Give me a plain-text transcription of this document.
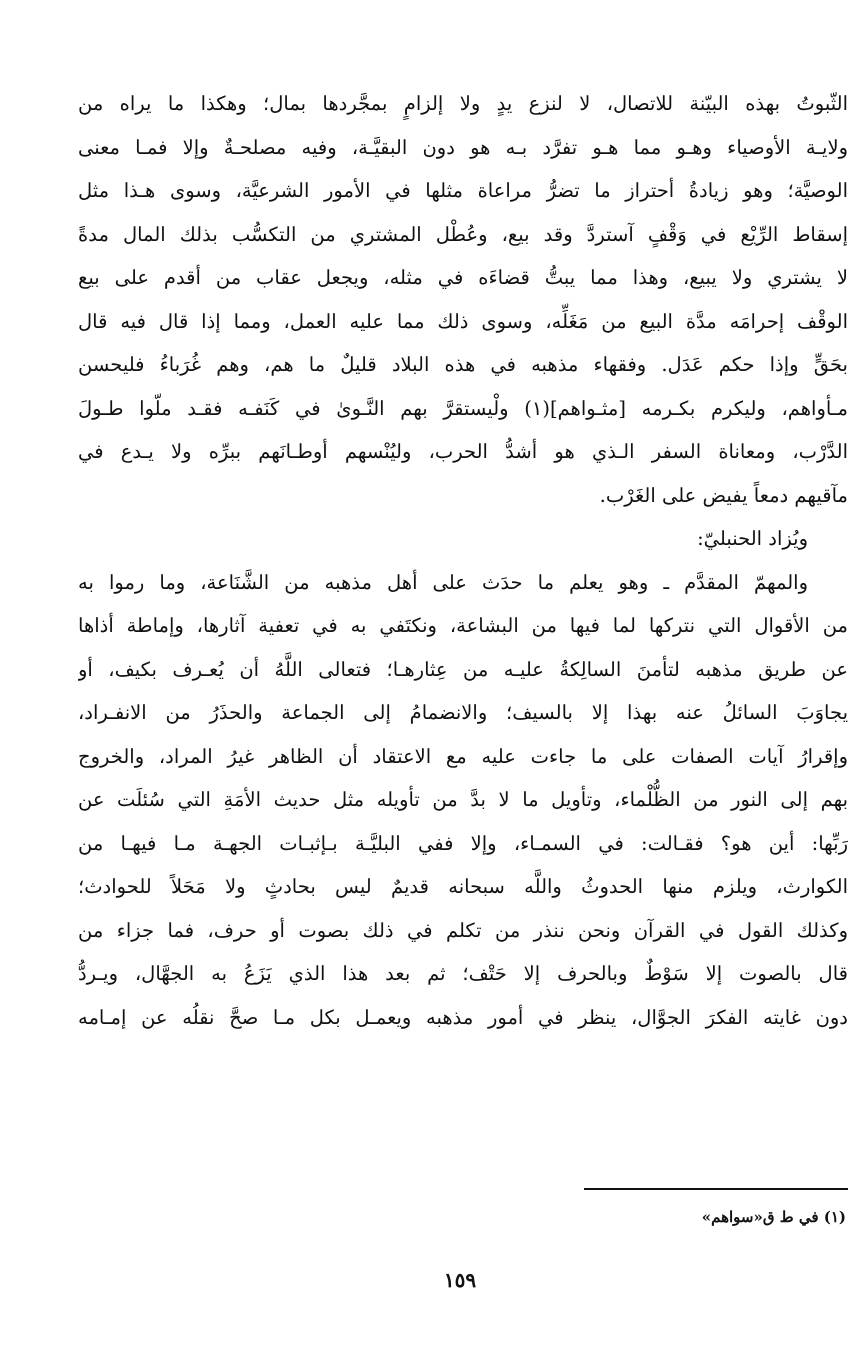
الثّبوتُ بهذه البيّنة للاتصال، لا لنزع يدٍ ولا إلزامٍ بمجَّردها بمال؛ وهكذا ما يراه من
ولايـة الأوصياء وهـو مما هـو تفرَّد بـه هو دون البقيَّـة، وفيه مصلحـةٌ وإلا فمـا معنى
الوصيَّة؛ وهو زيادةُ أحتراز ما تضرُّ مراعاة مثلها في الأمور الشرعيَّة، وسوى هـذا مثل
إسقاط الرِّيْع في وَقْفٍ آستردَّ وقد بيع، وعُطْل المشتري من التكسُّب بذلك المال مدةً
لا يشتري ولا يبيع، وهذا مما يبتُّ قضاءَه في مثله، ويجعل عقاب من أقدم على بيع
الوقْف إحرامَه مدَّة البيع من مَغَلِّه، وسوى ذلك مما عليه العمل، ومما إذا قال فيه قال
بحَقٍّ وإذا حكم عَدَل. وفقهاء مذهبه في هذه البلاد قليلٌ ما هم، وهم غُرَباءُ فليحسن
مـأواهم، وليكرم بكـرمه [مثـواهم](١) ولْيستقرَّ بهم النَّـوىٰ في كَنَفـه فقـد ملّوا طـولَ
الدَّرْب، ومعاناة السفر الـذي هو أشدُّ الحرب، وليُنْسهم أوطـانَهم ببرِّه ولا يـدع في
مآقيهم دمعاً يفيض على الغَرْب.
ويُزاد الحنبليّ:
والمهمّ المقدَّم ـ وهو يعلم ما حدَث على أهل مذهبه من الشَّنَاعة، وما رموا به
من الأقوال التي نتركها لما فيها من البشاعة، ونكتَفي به في تعفية آثارها، وإماطة أذاها
عن طريق مذهبه لتأمنَ السالِكةُ عليـه من عِثارهـا؛ فتعالى اللَّهُ أن يُعـرف بكيف، أو
يجاوَبَ السائلُ عنه بهذا إلا بالسيف؛ والانضمامُ إلى الجماعة والحذَرُ من الانفـراد،
وإقرارُ آيات الصفات على ما جاءت عليه مع الاعتقاد أن الظاهر غيرُ المراد، والخروج
بهم إلى النور من الظُّلْماء، وتأويل ما لا بدَّ من تأويله مثل حديث الأمَةِ التي سُئلَت عن
رَبِّها: أين هو؟ فقـالت: في السمـاء، وإلا ففي البليَّـة بـإثبـات الجهـة مـا فيهـا من
الكوارث، ويلزم منها الحدوثُ واللَّه سبحانه قديمٌ ليس بحادثٍ ولا مَحَلاً للحوادث؛
وكذلك القول في القرآن ونحن ننذر من تكلم في ذلك بصوت أو حرف، فما جزاء من
قال بالصوت إلا سَوْطٌ وبالحرف إلا حَتْف؛ ثم بعد هذا الذي يَزَعُ به الجهَّال، ويـردُّ
دون غايته الفكرَ الجوَّال، ينظر في أمور مذهبه ويعمـل بكل مـا صحَّ نقلُه عن إمـامه
(١) في ط ق«سواهم»
١٥٩
